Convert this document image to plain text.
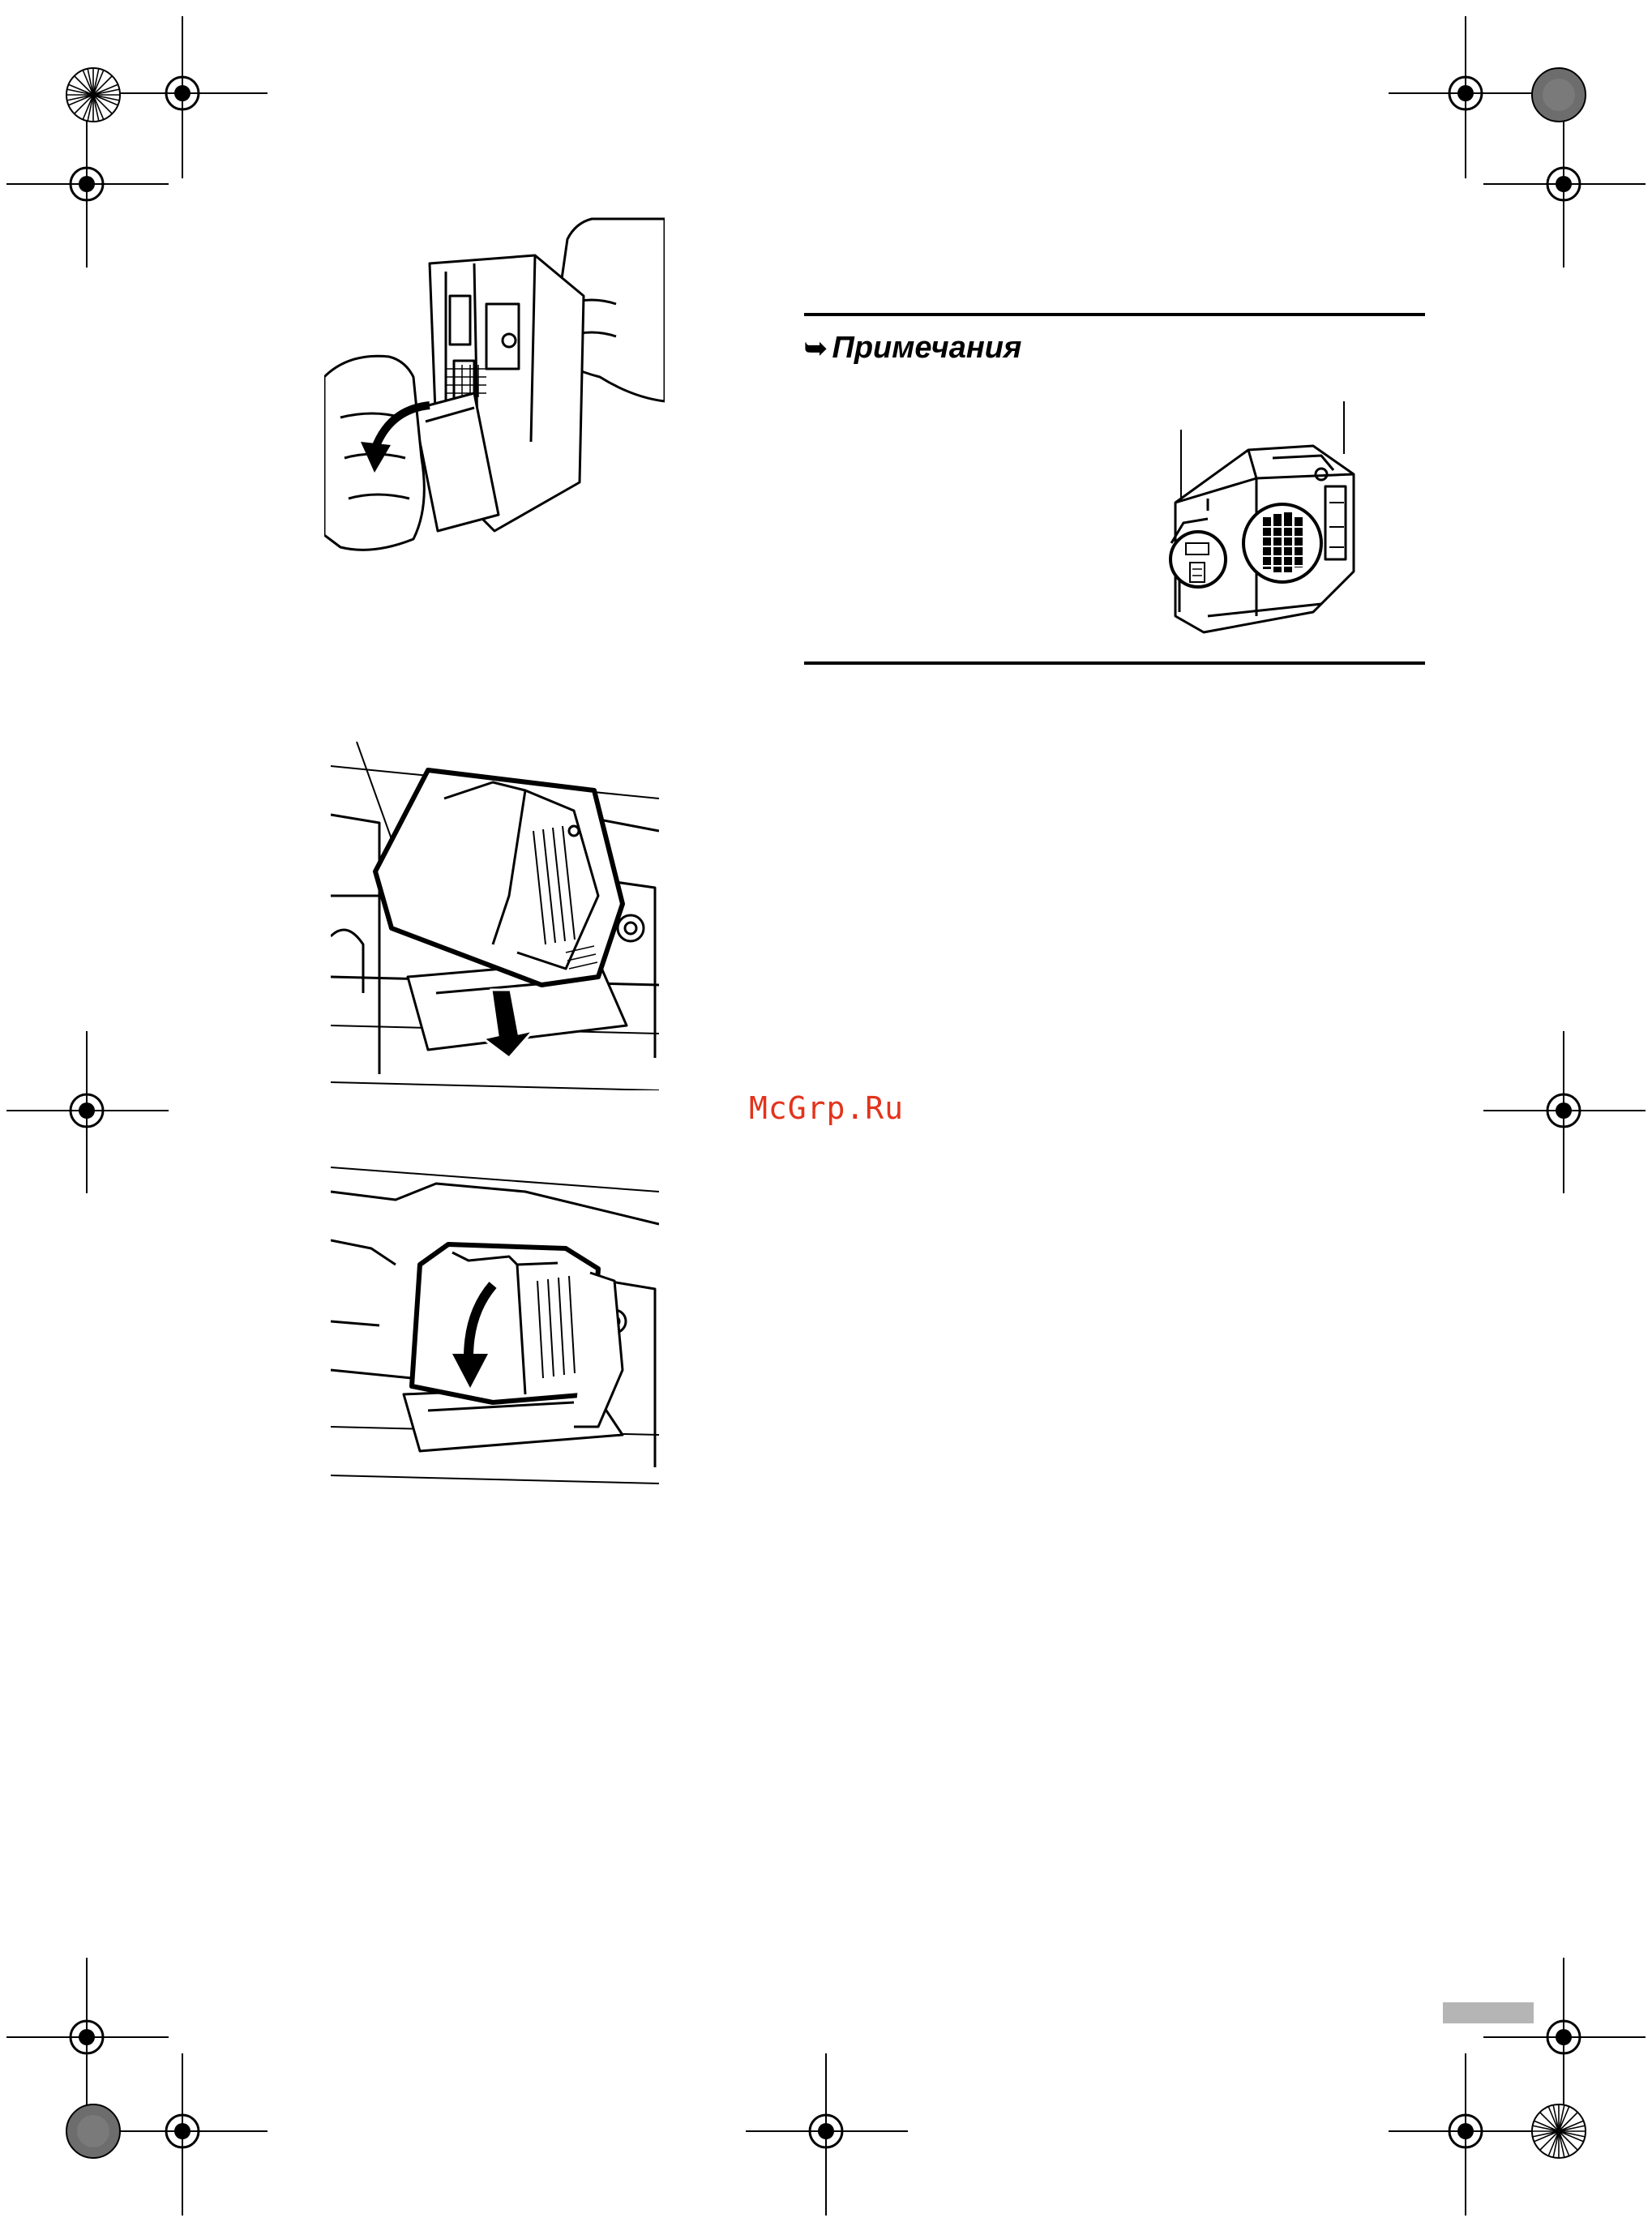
➥ Примечания
McGrp.Ru
